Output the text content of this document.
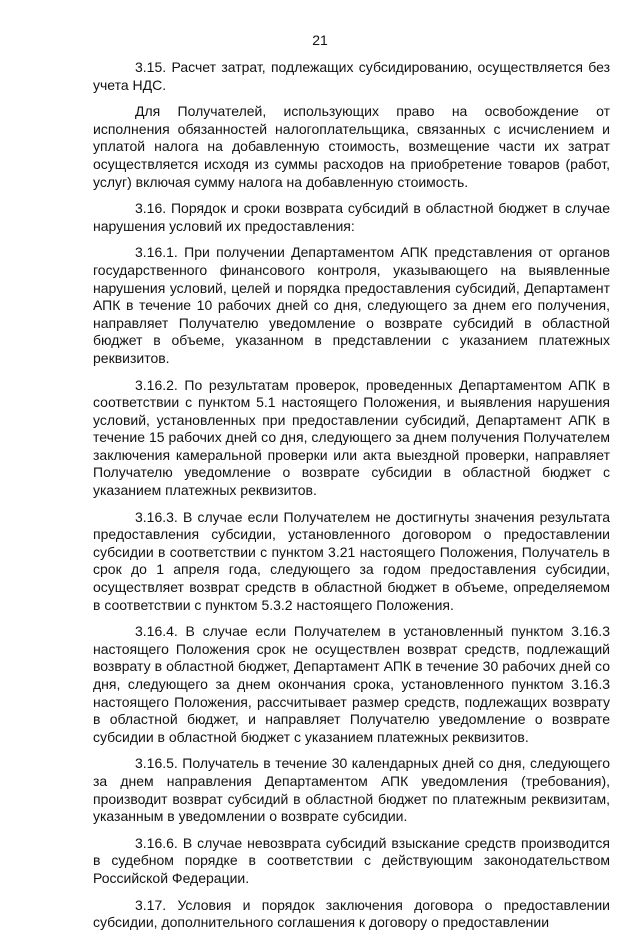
21

3.15. Расчет затрат, подлежащих субсидированию, осуществляется без учета НДС.

Для Получателей, использующих право на освобождение от исполнения обязанностей налогоплательщика, связанных с исчислением и уплатой налога на добавленную стоимость, возмещение части их затрат осуществляется исходя из суммы расходов на приобретение товаров (работ, услуг) включая сумму налога на добавленную стоимость.

3.16. Порядок и сроки возврата субсидий в областной бюджет в случае нарушения условий их предоставления:

3.16.1. При получении Департаментом АПК представления от органов государственного финансового контроля, указывающего на выявленные нарушения условий, целей и порядка предоставления субсидий, Департамент АПК в течение 10 рабочих дней со дня, следующего за днем его получения, направляет Получателю уведомление о возврате субсидий в областной бюджет в объеме, указанном в представлении с указанием платежных реквизитов.

3.16.2. По результатам проверок, проведенных Департаментом АПК в соответствии с пунктом 5.1 настоящего Положения, и выявления нарушения условий, установленных при предоставлении субсидий, Департамент АПК в течение 15 рабочих дней со дня, следующего за днем получения Получателем заключения камеральной проверки или акта выездной проверки, направляет Получателю уведомление о возврате субсидии в областной бюджет с указанием платежных реквизитов.

3.16.3. В случае если Получателем не достигнуты значения результата предоставления субсидии, установленного договором о предоставлении субсидии в соответствии с пунктом 3.21 настоящего Положения, Получатель в срок до 1 апреля года, следующего за годом предоставления субсидии, осуществляет возврат средств в областной бюджет в объеме, определяемом в соответствии с пунктом 5.3.2 настоящего Положения.

3.16.4. В случае если Получателем в установленный пунктом 3.16.3 настоящего Положения срок не осуществлен возврат средств, подлежащий возврату в областной бюджет, Департамент АПК в течение 30 рабочих дней со дня, следующего за днем окончания срока, установленного пунктом 3.16.3 настоящего Положения, рассчитывает размер средств, подлежащих возврату в областной бюджет, и направляет Получателю уведомление о возврате субсидии в областной бюджет с указанием платежных реквизитов.

3.16.5. Получатель в течение 30 календарных дней со дня, следующего за днем направления Департаментом АПК уведомления (требования), производит возврат субсидий в областной бюджет по платежным реквизитам, указанным в уведомлении о возврате субсидии.

3.16.6. В случае невозврата субсидий взыскание средств производится в судебном порядке в соответствии с действующим законодательством Российской Федерации.

3.17. Условия и порядок заключения договора о предоставлении субсидии, дополнительного соглашения к договору о предоставлении
